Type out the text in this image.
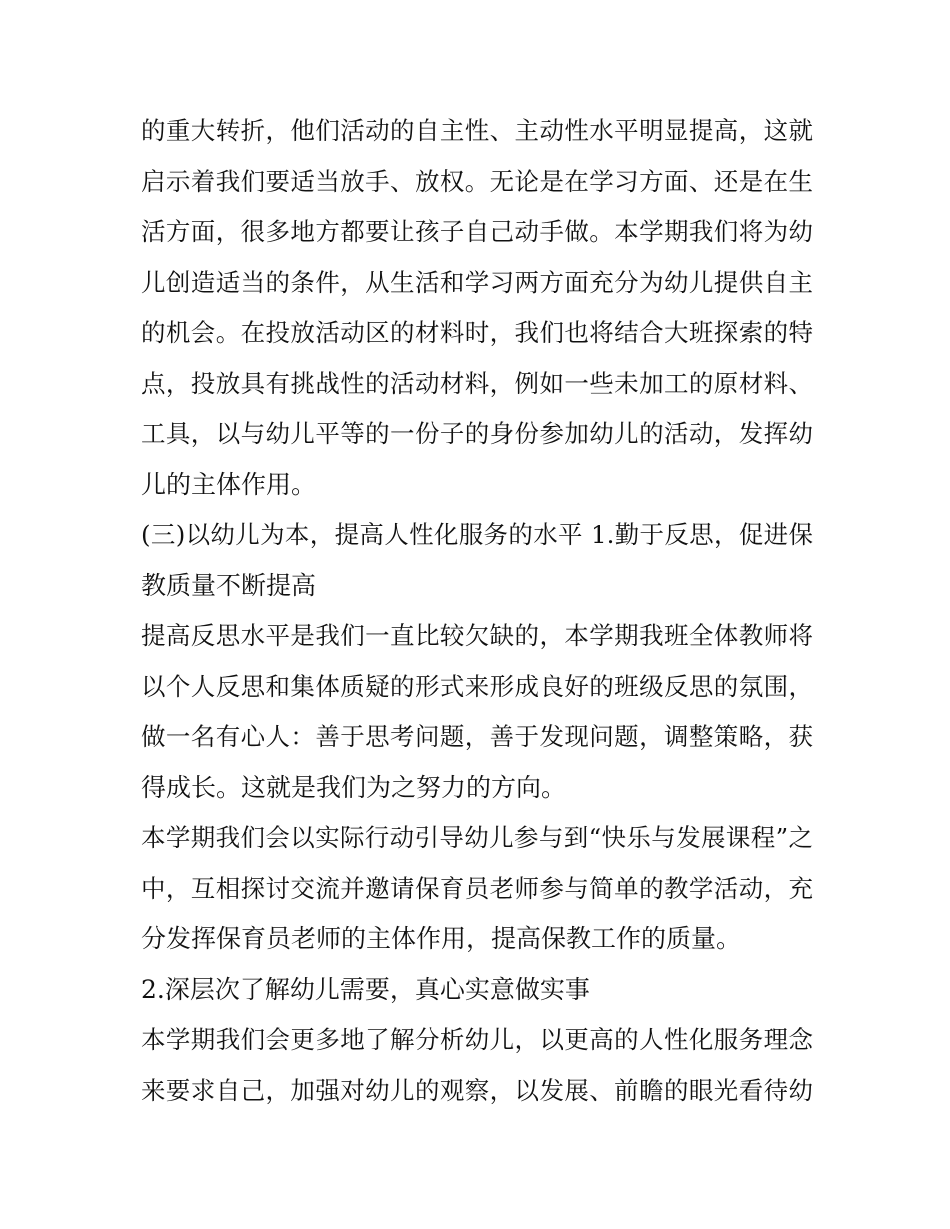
的重大转折，他们活动的自主性、主动性水平明显提高，这就
启示着我们要适当放手、放权。无论是在学习方面、还是在生
活方面，很多地方都要让孩子自己动手做。本学期我们将为幼
儿创造适当的条件，从生活和学习两方面充分为幼儿提供自主
的机会。在投放活动区的材料时，我们也将结合大班探索的特
点，投放具有挑战性的活动材料，例如一些未加工的原材料、
工具，以与幼儿平等的一份子的身份参加幼儿的活动，发挥幼
儿的主体作用。
(三)以幼儿为本，提高人性化服务的水平 1.勤于反思，促进保
教质量不断提高
提高反思水平是我们一直比较欠缺的，本学期我班全体教师将
以个人反思和集体质疑的形式来形成良好的班级反思的氛围，
做一名有心人：善于思考问题，善于发现问题，调整策略，获
得成长。这就是我们为之努力的方向。
本学期我们会以实际行动引导幼儿参与到“快乐与发展课程”之
中，互相探讨交流并邀请保育员老师参与简单的教学活动，充
分发挥保育员老师的主体作用，提高保教工作的质量。
2.深层次了解幼儿需要，真心实意做实事
本学期我们会更多地了解分析幼儿，以更高的人性化服务理念
来要求自己，加强对幼儿的观察，以发展、前瞻的眼光看待幼
